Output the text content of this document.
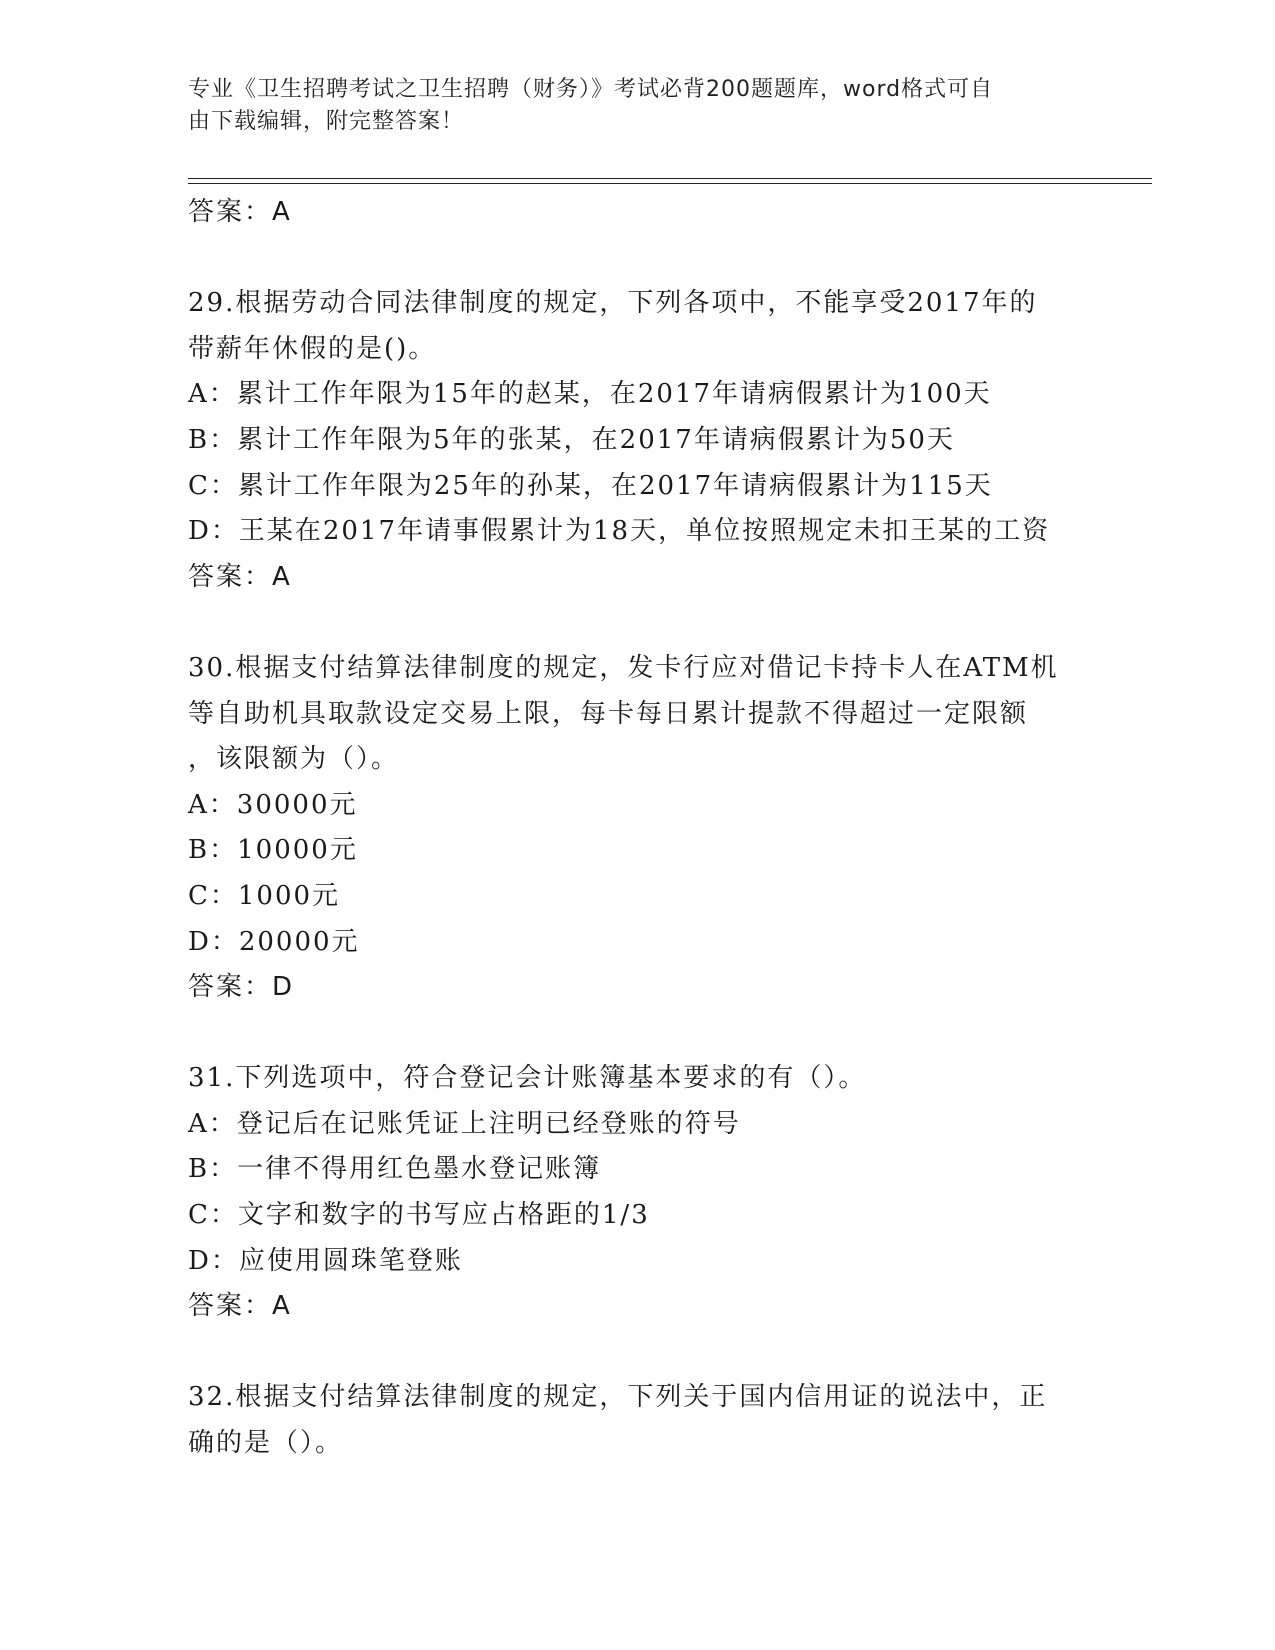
专业《卫生招聘考试之卫生招聘（财务）》考试必背200题题库，word格式可自
由下载编辑，附完整答案！
答案：A
29.根据劳动合同法律制度的规定，下列各项中，不能享受2017年的
带薪年休假的是()。
A：累计工作年限为15年的赵某，在2017年请病假累计为100天
B：累计工作年限为5年的张某，在2017年请病假累计为50天
C：累计工作年限为25年的孙某，在2017年请病假累计为115天
D：王某在2017年请事假累计为18天，单位按照规定未扣王某的工资
答案：A
30.根据支付结算法律制度的规定，发卡行应对借记卡持卡人在ATM机
等自助机具取款设定交易上限，每卡每日累计提款不得超过一定限额
，该限额为（）。
A：30000元
B：10000元
C：1000元
D：20000元
答案：D
31.下列选项中，符合登记会计账簿基本要求的有（）。
A：登记后在记账凭证上注明已经登账的符号
B：一律不得用红色墨水登记账簿
C：文字和数字的书写应占格距的1/3
D：应使用圆珠笔登账
答案：A
32.根据支付结算法律制度的规定，下列关于国内信用证的说法中，正
确的是（）。
